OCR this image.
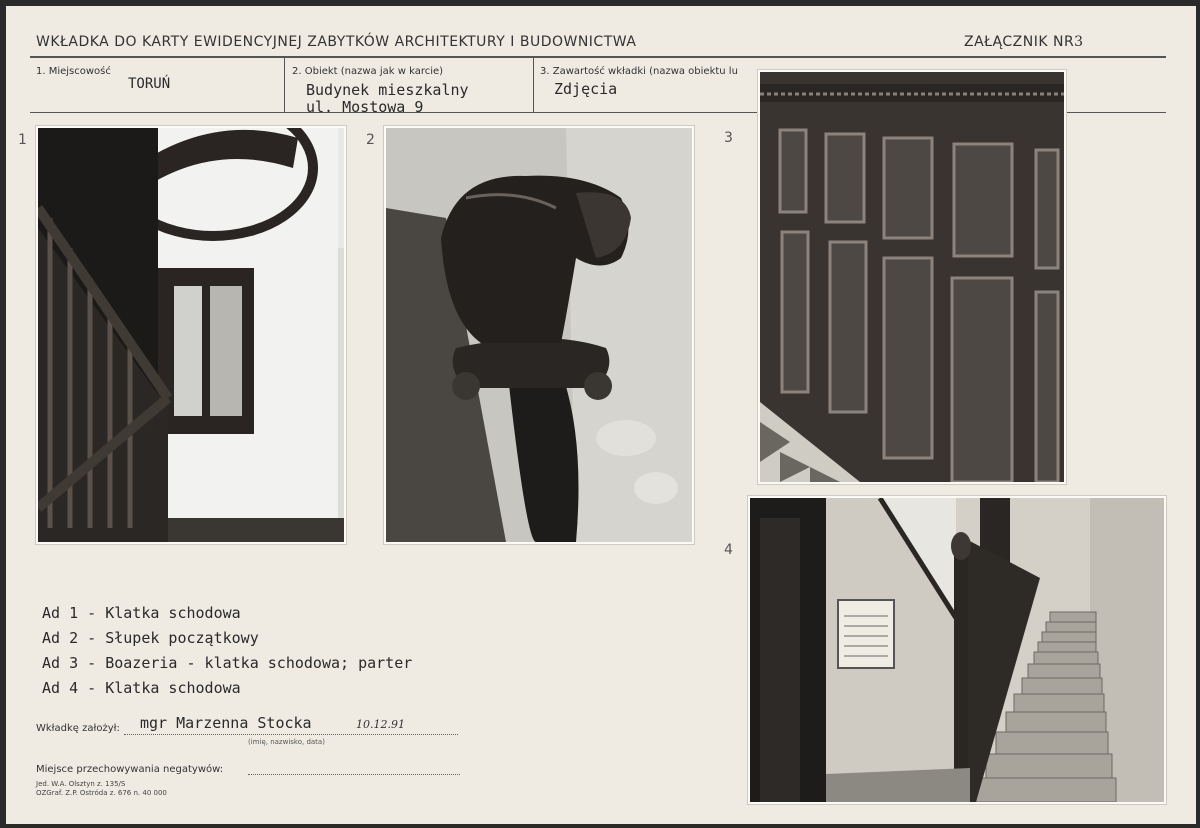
WKŁADKA DO KARTY EWIDENCYJNEJ ZABYTKÓW ARCHITEKTURY I BUDOWNICTWA	ZAŁĄCZNIK NR3
1. Miejscowość
TORUŃ
2. Obiekt (nazwa jak w karcie)
Budynek mieszkalny
ul. Mostowa 9
3. Zawartość wkładki (nazwa obiektu lu
Zdjęcia
1	2	3
4
Ad 1 - Klatka schodowa
Ad 2 - Słupek początkowy
Ad 3 - Boazeria - klatka schodowa; parter
Ad 4 - Klatka schodowa
Wkładkę założył: mgr Marzenna Stocka	10.12.91
(imię, nazwisko, data)
Miejsce przechowywania negatywów:
Jed. W.A. Olsztyn z. 135/S
OZGraf. Z.P. Ostróda z. 676 n. 40 000
